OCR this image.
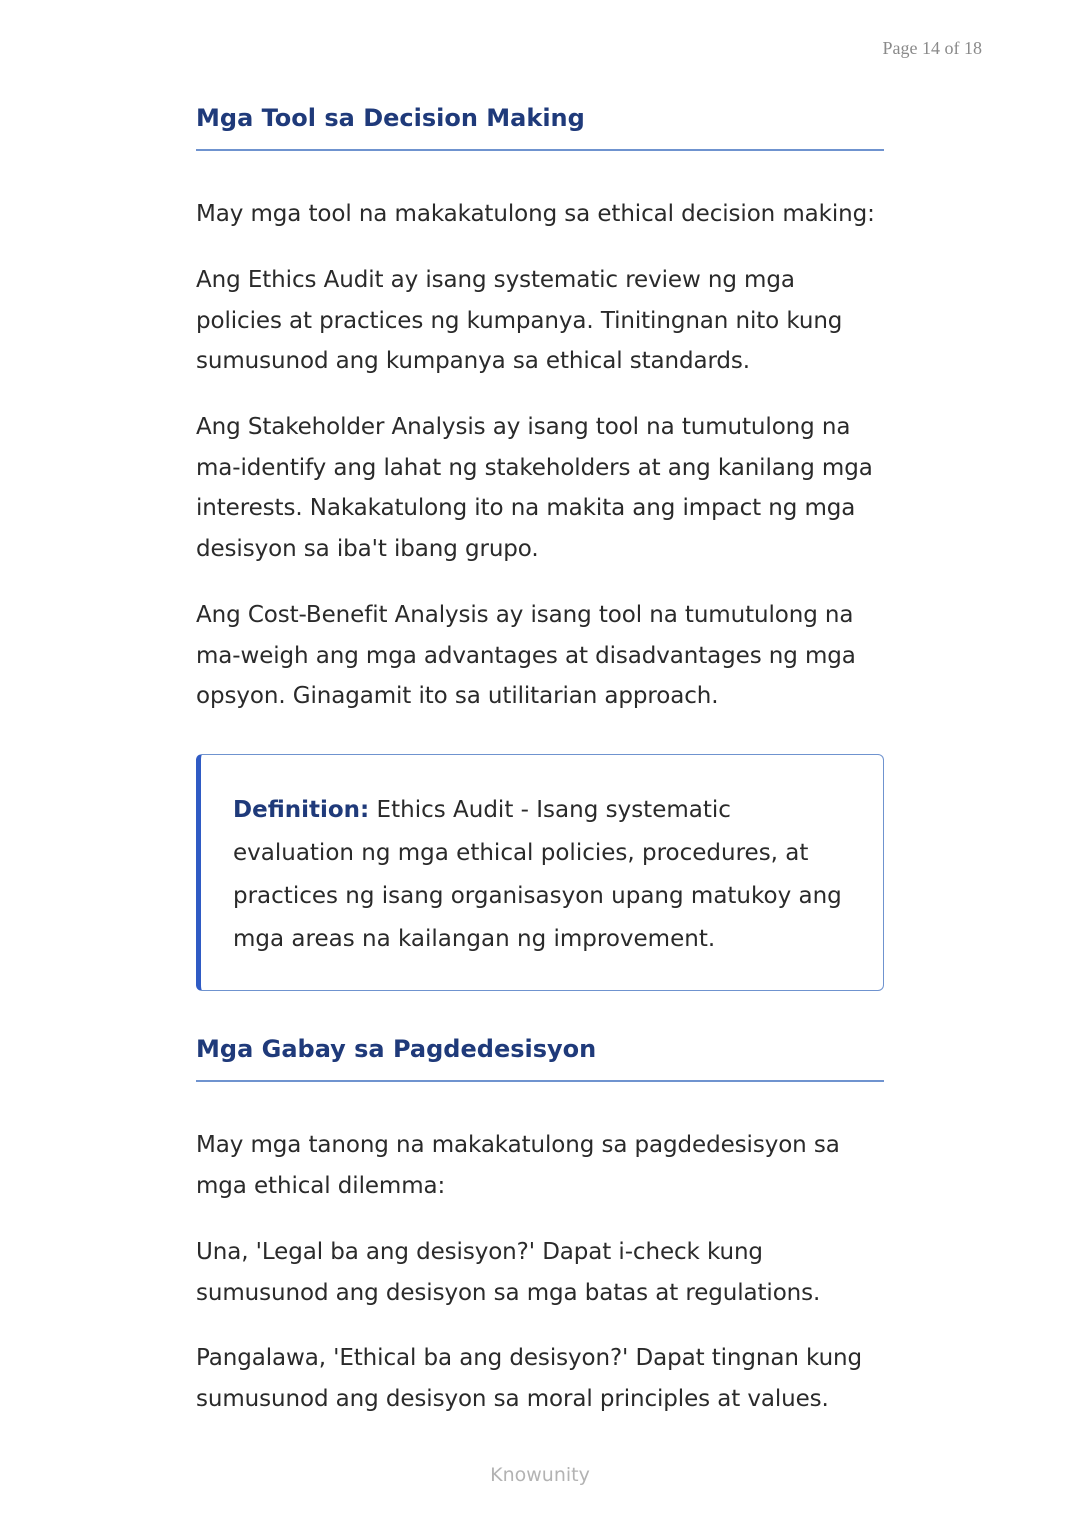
Page 14 of 18
Mga Tool sa Decision Making

May mga tool na makakatulong sa ethical decision making:

Ang Ethics Audit ay isang systematic review ng mga policies at practices ng kumpanya. Tinitingnan nito kung sumusunod ang kumpanya sa ethical standards.

Ang Stakeholder Analysis ay isang tool na tumutulong na ma-identify ang lahat ng stakeholders at ang kanilang mga interests. Nakakatulong ito na makita ang impact ng mga desisyon sa iba't ibang grupo.

Ang Cost-Benefit Analysis ay isang tool na tumutulong na ma-weigh ang mga advantages at disadvantages ng mga opsyon. Ginagamit ito sa utilitarian approach.

Definition: Ethics Audit - Isang systematic evaluation ng mga ethical policies, procedures, at practices ng isang organisasyon upang matukoy ang mga areas na kailangan ng improvement.

Mga Gabay sa Pagdedesisyon

May mga tanong na makakatulong sa pagdedesisyon sa mga ethical dilemma:

Una, 'Legal ba ang desisyon?' Dapat i-check kung sumusunod ang desisyon sa mga batas at regulations.

Pangalawa, 'Ethical ba ang desisyon?' Dapat tingnan kung sumusunod ang desisyon sa moral principles at values.

Knowunity
